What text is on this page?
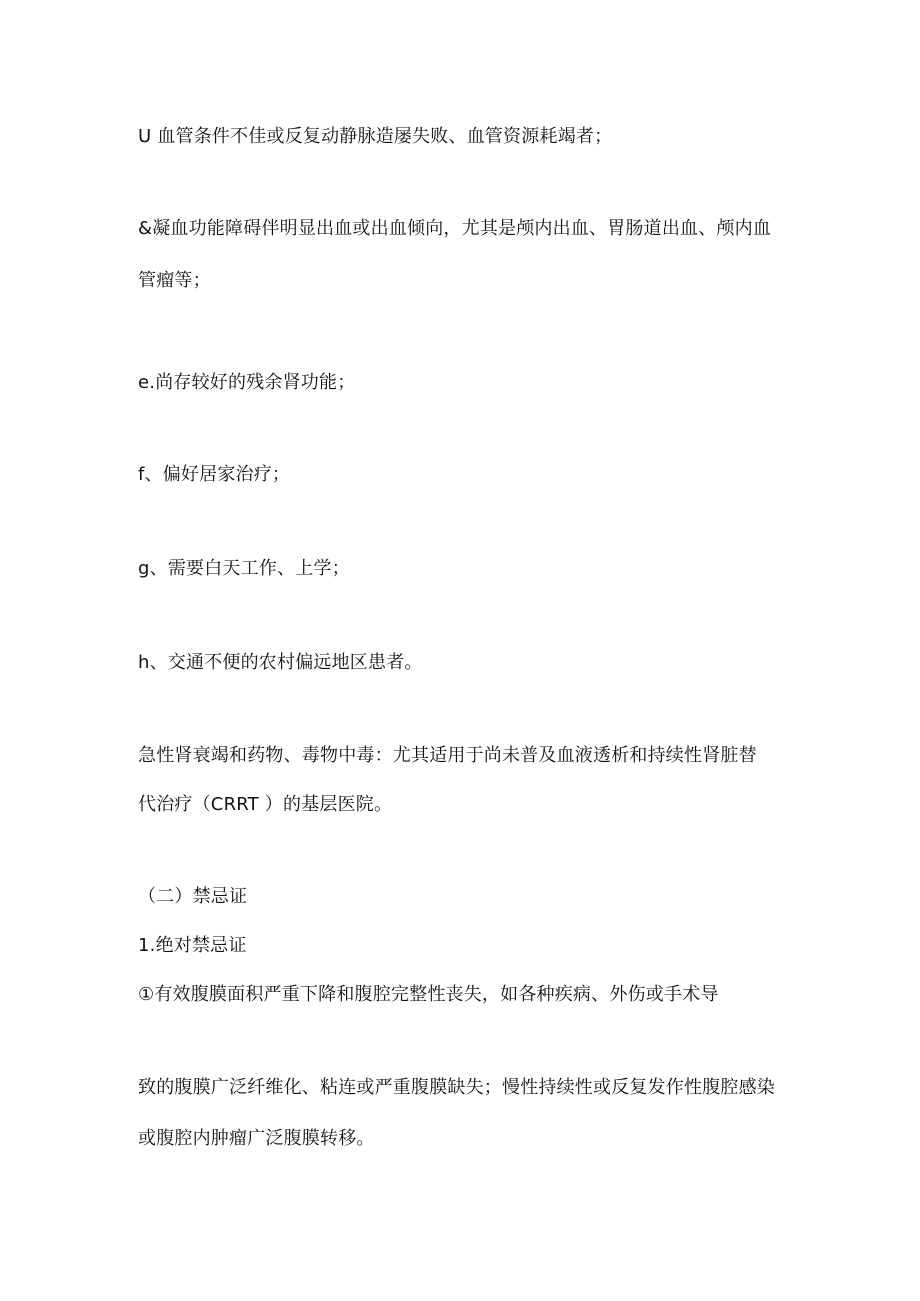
U 血管条件不佳或反复动静脉造屡失败、血管资源耗竭者；
&凝血功能障碍伴明显出血或出血倾向，尤其是颅内出血、胃肠道出血、颅内血
管瘤等；
e.尚存较好的残余肾功能；
f、偏好居家治疗；
g、需要白天工作、上学；
h、交通不便的农村偏远地区患者。
急性肾衰竭和药物、毒物中毒：尤其适用于尚未普及血液透析和持续性肾脏替
代治疗（CRRT ）的基层医院。
（二）禁忌证
1.绝对禁忌证
①有效腹膜面积严重下降和腹腔完整性丧失，如各种疾病、外伤或手术导
致的腹膜广泛纤维化、粘连或严重腹膜缺失；慢性持续性或反复发作性腹腔感染
或腹腔内肿瘤广泛腹膜转移。
